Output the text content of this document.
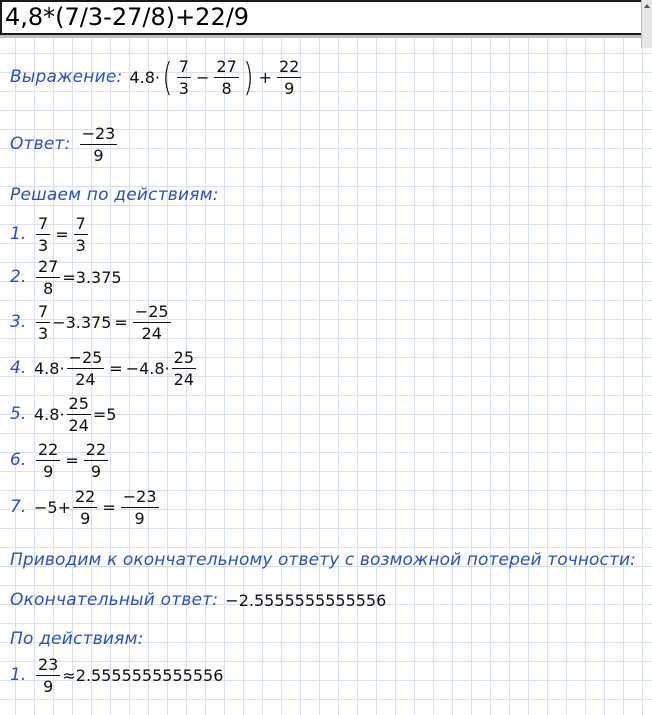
4,8*(7/3-27/8)+22/9
Выражение: 4.8 · ( $\frac{7}{3} - \frac{27}{8}$ ) + $\frac{22}{9}$
Ответ: $\frac{-23}{9}$
Решаем по действиям:
1. $\frac{7}{3} = \frac{7}{3}$
2. $\frac{27}{8} = 3.375$
3. $\frac{7}{3} -3.375 = \frac{-25}{24}$
4. $4.8\cdot \frac{-25}{24} = -4.8\cdot \frac{25}{24}$
5. $4.8\cdot \frac{25}{24} = 5$
6. $\frac{22}{9} = \frac{22}{9}$
7. $-5+ \frac{22}{9} = \frac{-23}{9}$
Приводим к окончательному ответу с возможной потерей точности:
Окончательный ответ: −2.5555555555556
По действиям:
1. $\frac{23}{9} \approx 2.5555555555556$
